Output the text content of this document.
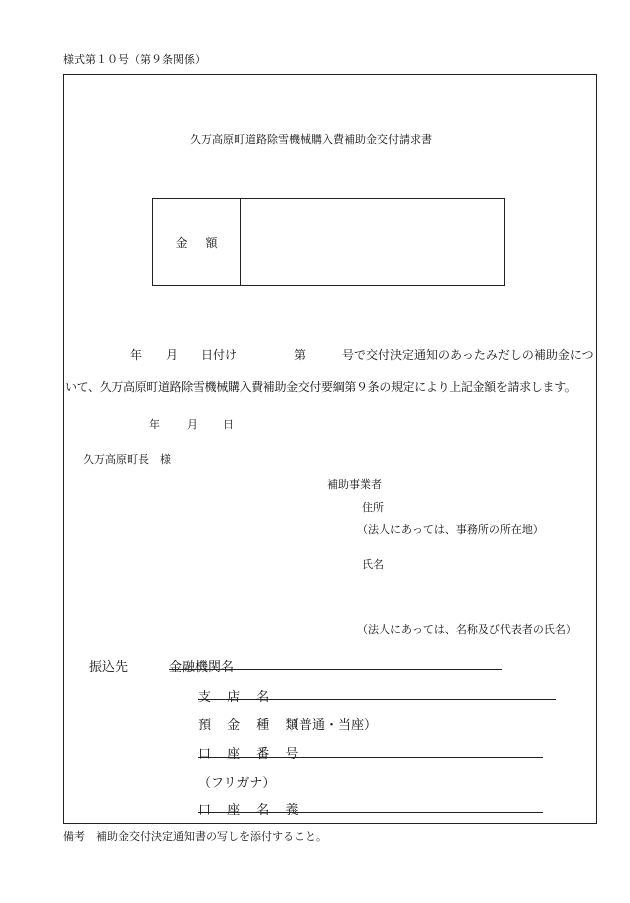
様式第１０号（第９条関係）
久万高原町道路除雪機械購入費補助金交付請求書
金額
年 月 日付け	第	号で交付決定通知のあったみだしの補助金につ
いて、久万高原町道路除雪機械購入費補助金交付要綱第９条の規定により上記金額を請求します。
年 月 日
久万高原町長　様
補助事業者
住所
（法人にあっては、事務所の所在地）
氏名
（法人にあっては、名称及び代表者の氏名）
振込先	金融機関名
支 店 名
預 金 種 類
（普通・当座）
口 座 番 号
（フリガナ）
口 座 名 義
備考　補助金交付決定通知書の写しを添付すること。
